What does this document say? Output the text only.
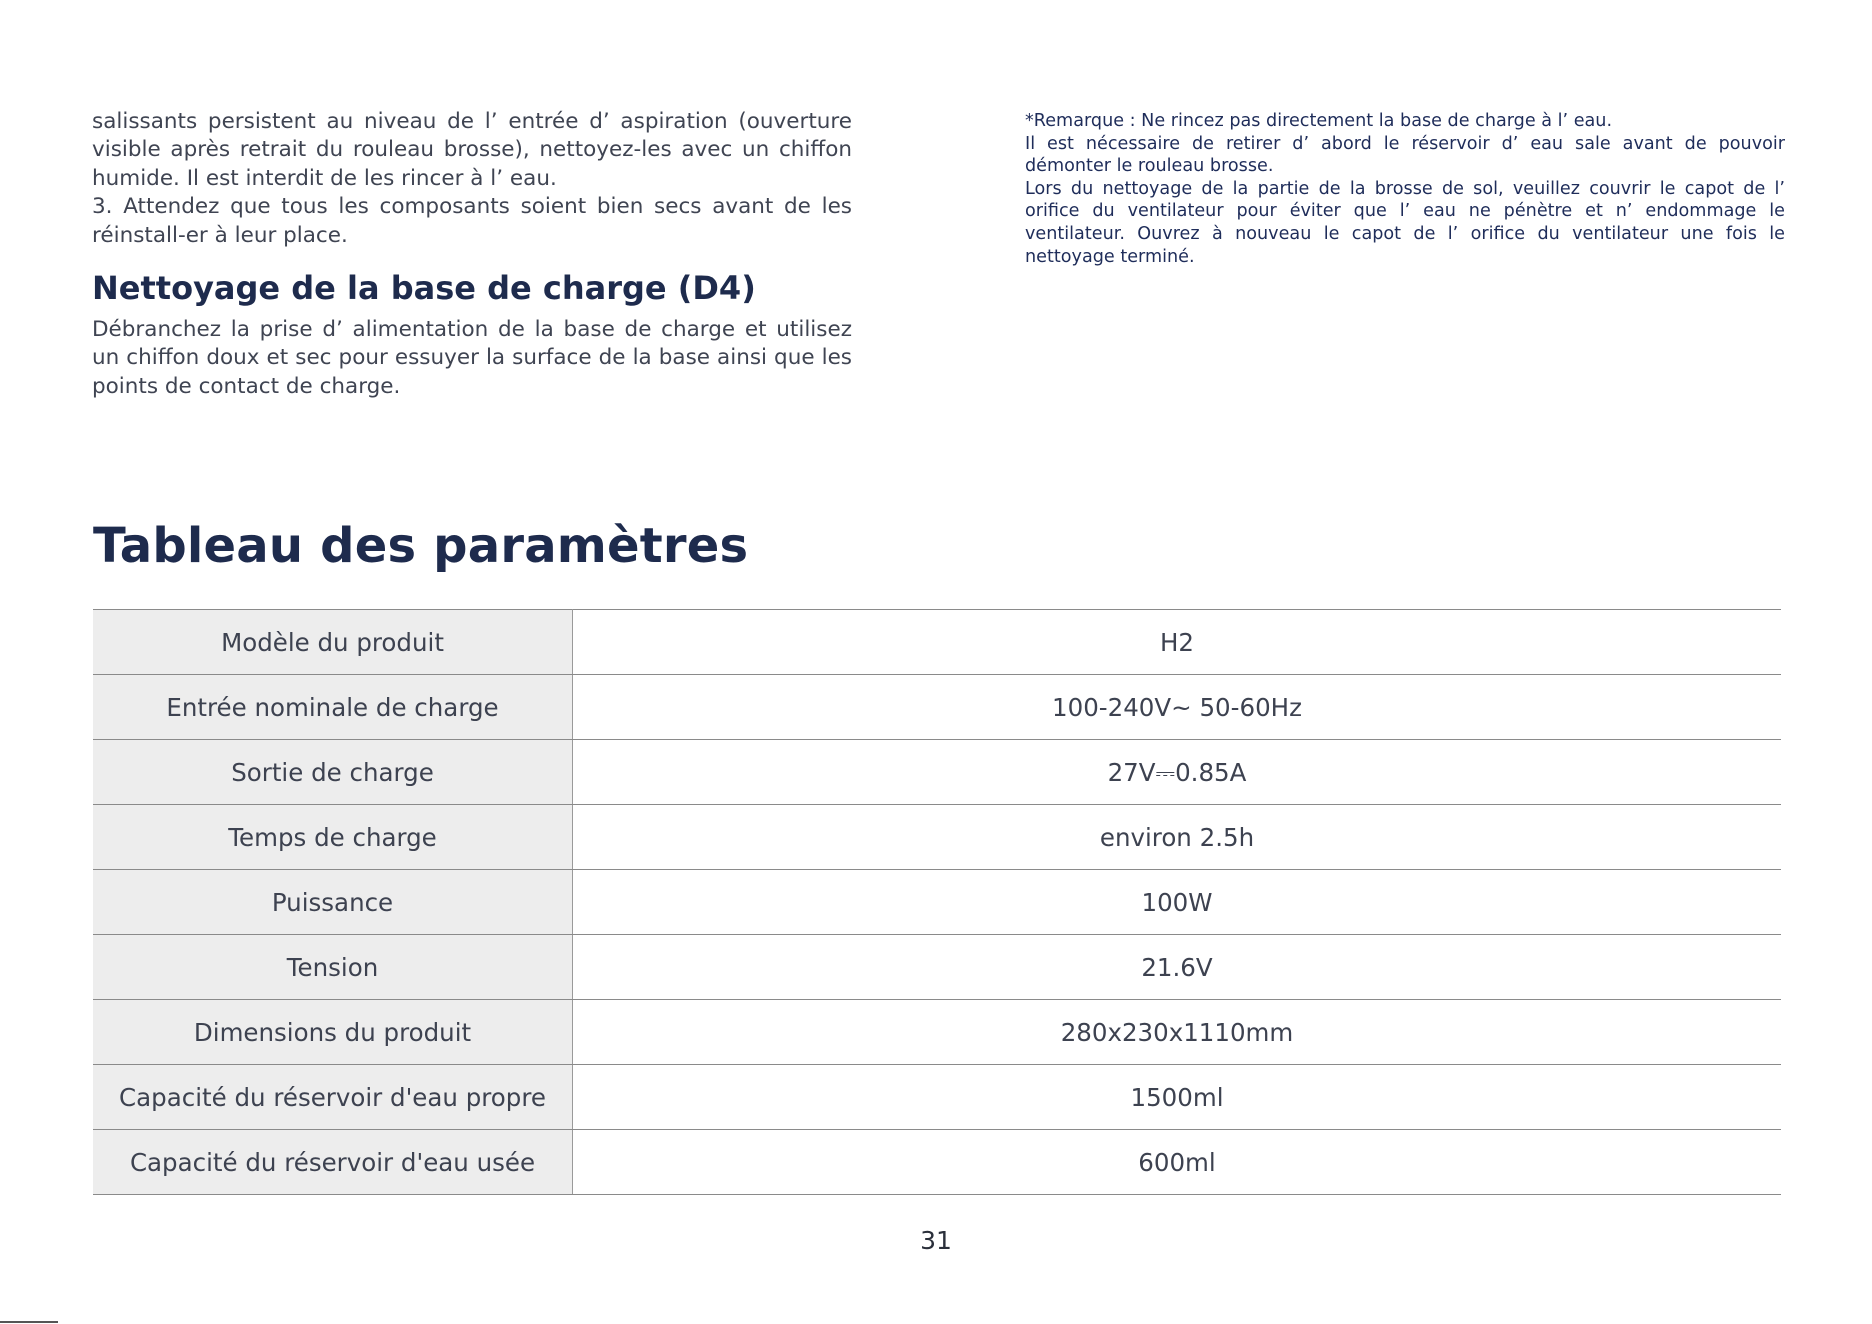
salissants persistent au niveau de l’ entrée d’ aspiration (ouverture visible après retrait du rouleau brosse), nettoyez-les avec un chiffon humide. Il est interdit de les rincer à l’ eau.

3. Attendez que tous les composants soient bien secs avant de les réinstall-er à leur place.

Nettoyage de la base de charge (D4)

Débranchez la prise d’ alimentation de la base de charge et utilisez un chiffon doux et sec pour essuyer la surface de la base ainsi que les points de contact de charge.

*Remarque : Ne rincez pas directement la base de charge à l’ eau.

Il est nécessaire de retirer d’ abord le réservoir d’ eau sale avant de pouvoir démonter le rouleau brosse.

Lors du nettoyage de la partie de la brosse de sol, veuillez couvrir le capot de l’ orifice du ventilateur pour éviter que l’ eau ne pénètre et n’ endommage le ventilateur. Ouvrez à nouveau le capot de l’ orifice du ventilateur une fois le nettoyage terminé.

Tableau des paramètres
Modèle du produit	H2
Entrée nominale de charge	100-240V~ 50-60Hz
Sortie de charge	27V⎓0.85A
Temps de charge	environ 2.5h
Puissance	100W
Tension	21.6V
Dimensions du produit	280x230x1110mm
Capacité du réservoir d'eau propre	1500ml
Capacité du réservoir d'eau usée	600ml
31
